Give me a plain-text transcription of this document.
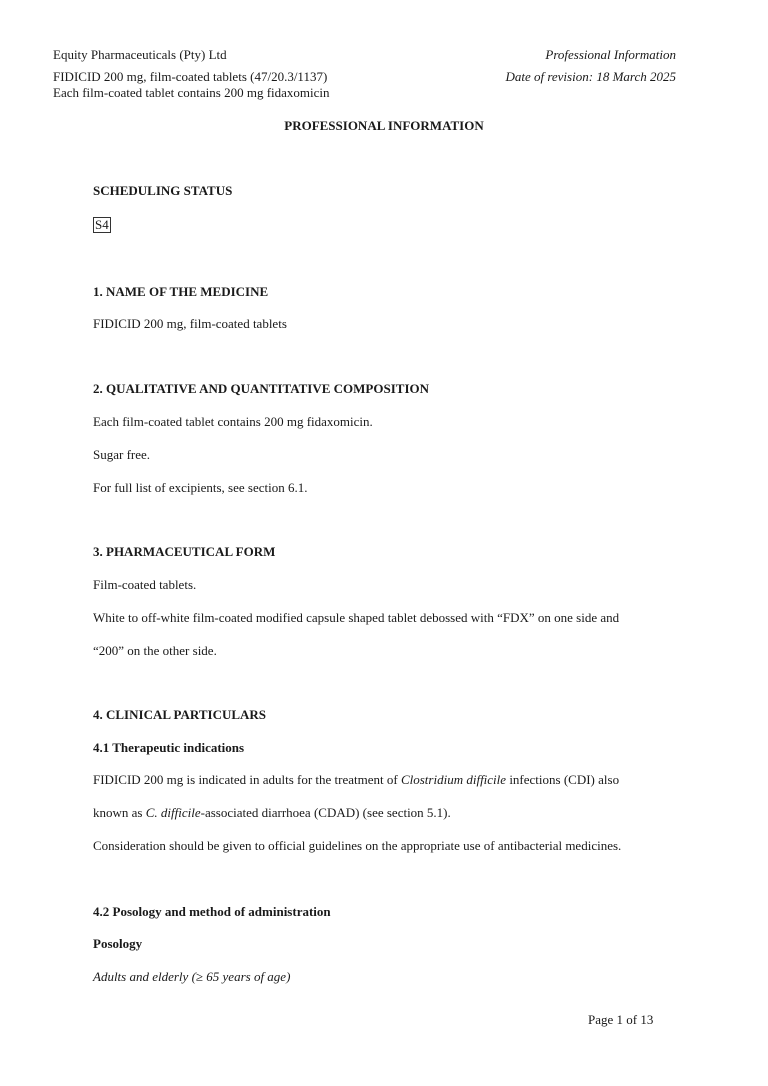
Equity Pharmaceuticals (Pty) Ltd

FIDICID 200 mg, film-coated tablets (47/20.3/1137)

Each film-coated tablet contains 200 mg fidaxomicin

Professional Information

Date of revision: 18 March 2025

PROFESSIONAL INFORMATION

SCHEDULING STATUS

S4

1. NAME OF THE MEDICINE

FIDICID 200 mg, film-coated tablets

2. QUALITATIVE AND QUANTITATIVE COMPOSITION

Each film-coated tablet contains 200 mg fidaxomicin.

Sugar free.

For full list of excipients, see section 6.1.

3. PHARMACEUTICAL FORM

Film-coated tablets.

White to off-white film-coated modified capsule shaped tablet debossed with “FDX” on one side and

“200” on the other side.

4. CLINICAL PARTICULARS

4.1 Therapeutic indications

FIDICID 200 mg is indicated in adults for the treatment of Clostridium difficile infections (CDI) also

known as C. difficile-associated diarrhoea (CDAD) (see section 5.1).

Consideration should be given to official guidelines on the appropriate use of antibacterial medicines.

4.2 Posology and method of administration

Posology

Adults and elderly (≥ 65 years of age)

Page 1 of 13
